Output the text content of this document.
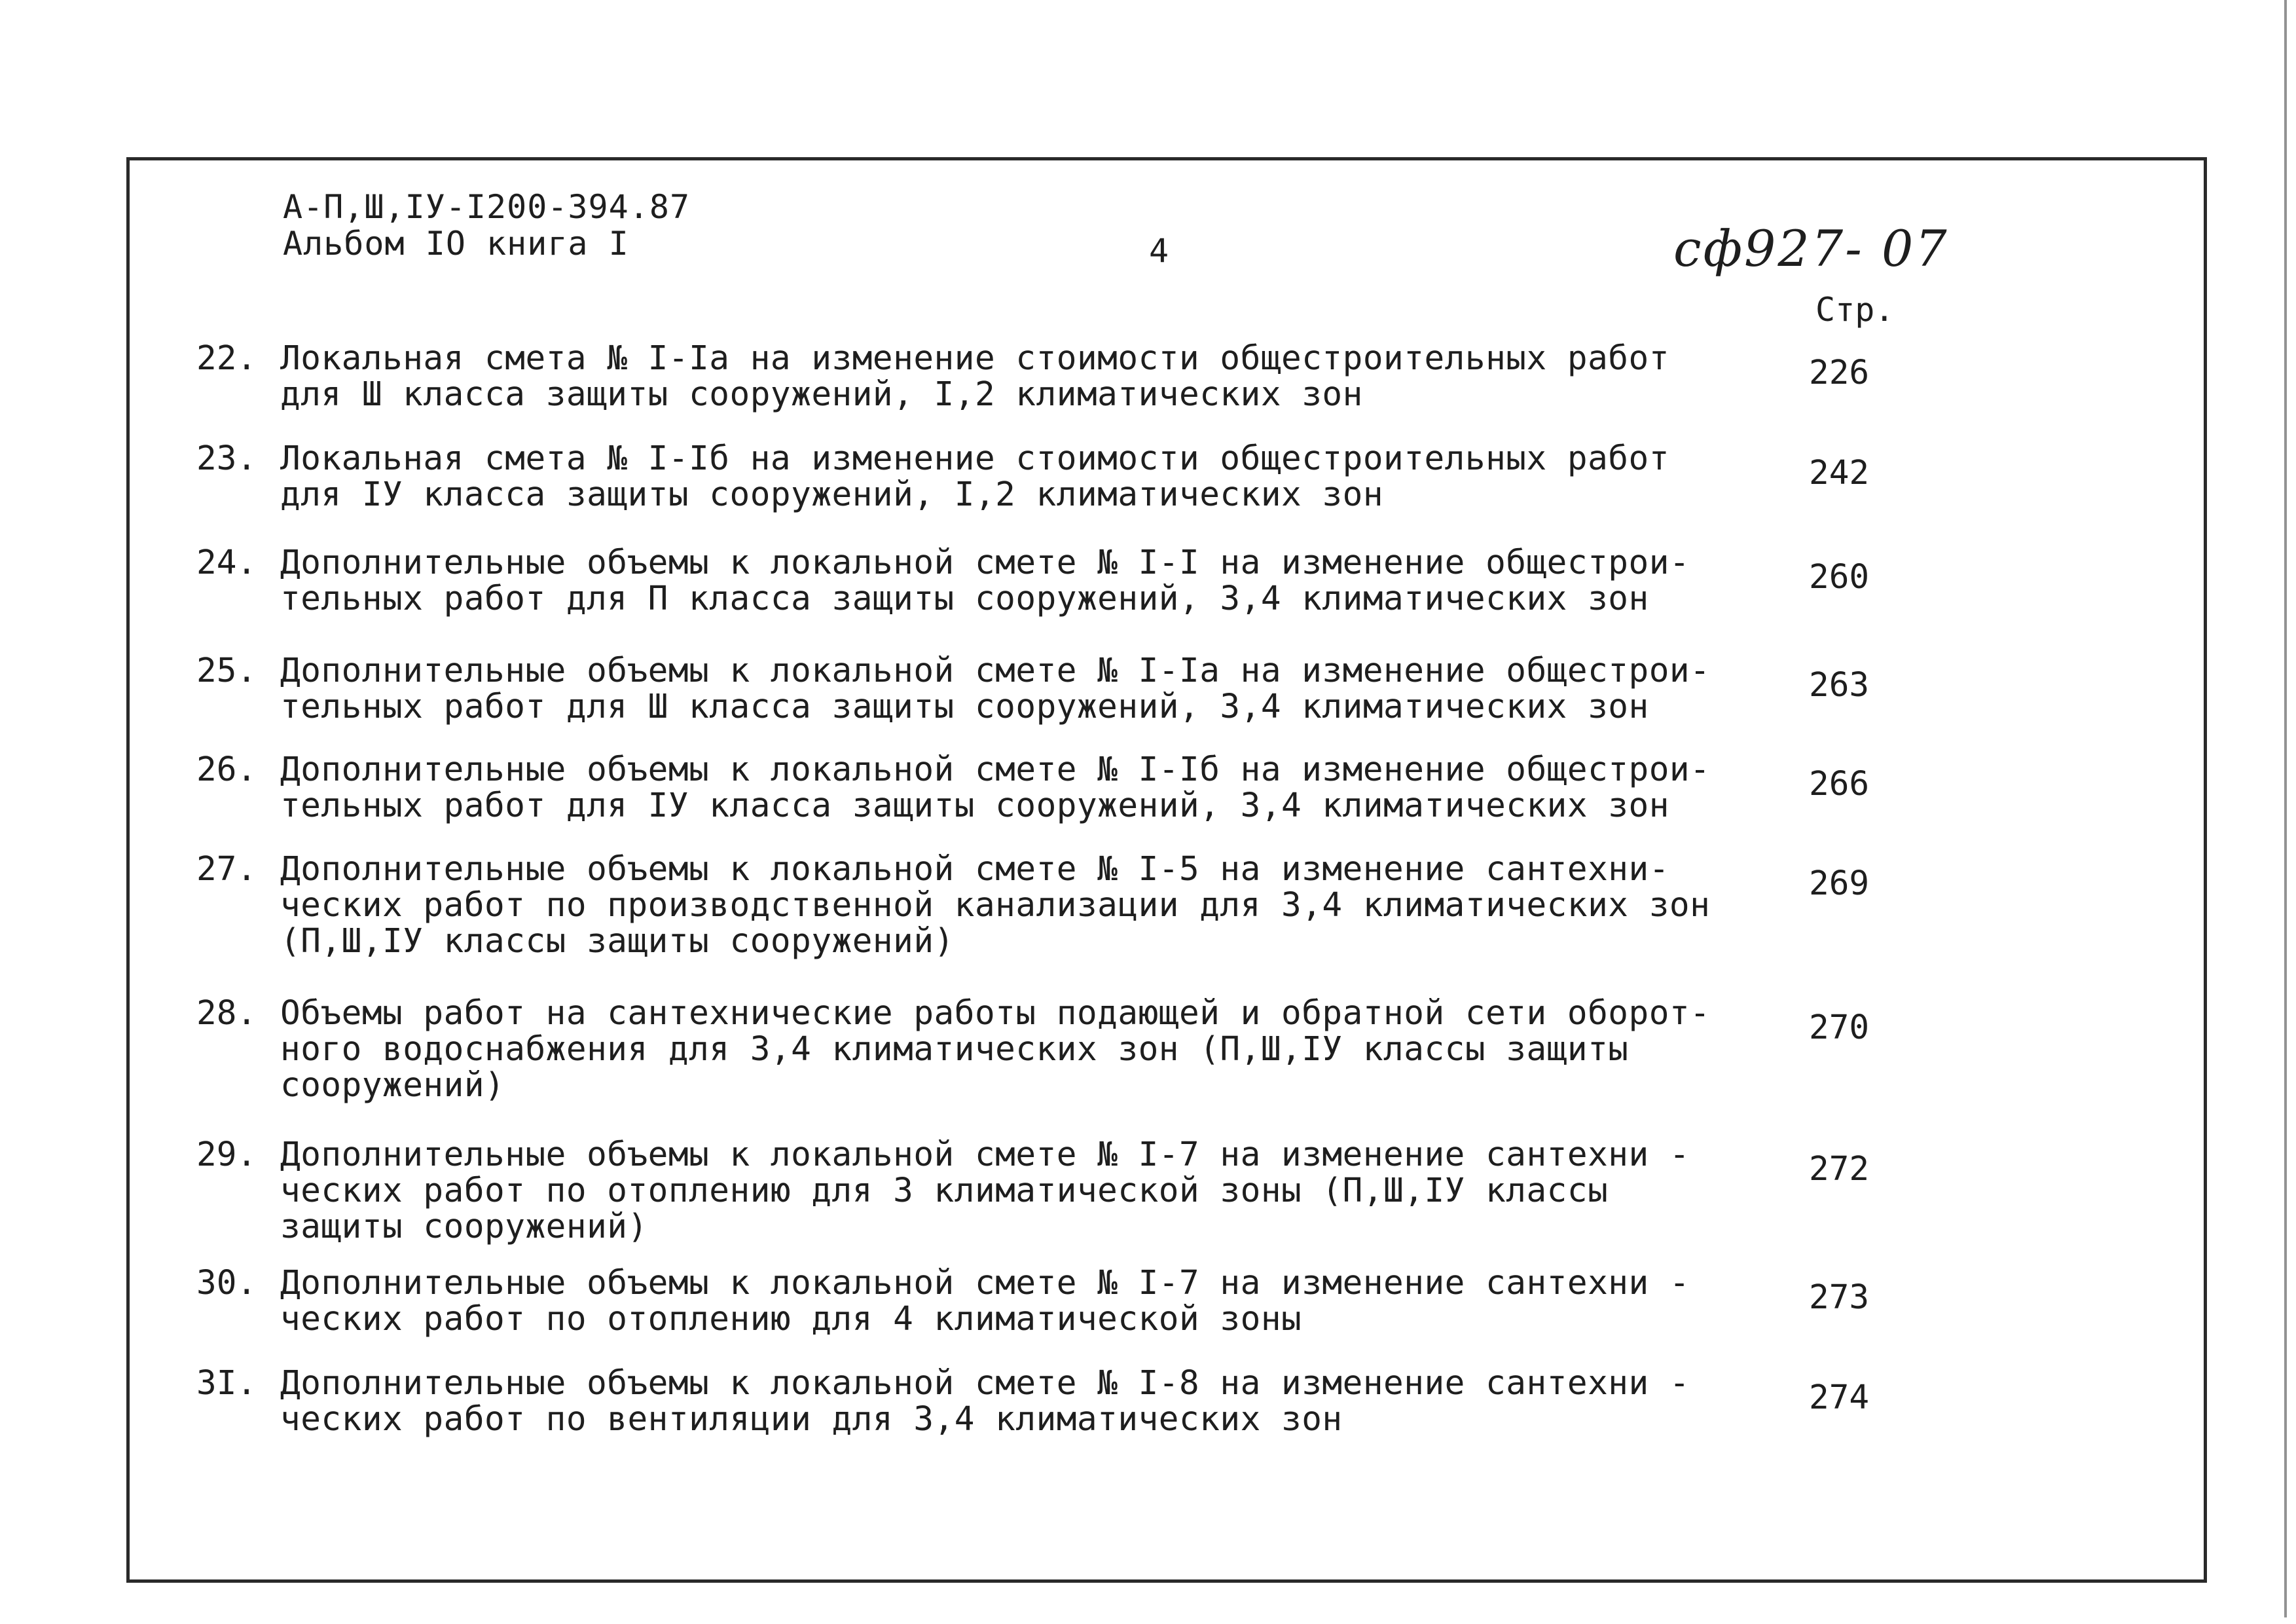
А-П,Ш,IУ-I200-394.87
Альбом IО книга I	4	сф927- 07
Стр.
22. Локальная смета № I-Iа на изменение стоимости общестроительных работ
для Ш класса защиты сооружений, I,2 климатических зон
226
23. Локальная смета № I-Iб на изменение стоимости общестроительных работ
для IУ класса защиты сооружений, I,2 климатических зон
242
24. Дополнительные объемы к локальной смете № I-I на изменение общестрои-
тельных работ для П класса защиты сооружений, 3,4 климатических зон
260
25. Дополнительные объемы к локальной смете № I-Iа на изменение общестрои-
тельных работ для Ш класса защиты сооружений, 3,4 климатических зон
263
26. Дополнительные объемы к локальной смете № I-Iб на изменение общестрои-
тельных работ для IУ класса защиты сооружений, 3,4 климатических зон
266
27. Дополнительные объемы к локальной смете № I-5 на изменение сантехни-
ческих работ по производственной канализации для 3,4 климатических зон
(П,Ш,IУ классы защиты сооружений)
269
28. Объемы работ на сантехнические работы подающей и обратной сети оборот-
ного водоснабжения для 3,4 климатических зон (П,Ш,IУ классы защиты
сооружений)
270
29. Дополнительные объемы к локальной смете № I-7 на изменение сантехни -
ческих работ по отоплению для 3 климатической зоны (П,Ш,IУ классы
защиты сооружений)
272
30. Дополнительные объемы к локальной смете № I-7 на изменение сантехни -
ческих работ по отоплению для 4 климатической зоны
273
3I. Дополнительные объемы к локальной смете № I-8 на изменение сантехни -
ческих работ по вентиляции для 3,4 климатических зон
274
